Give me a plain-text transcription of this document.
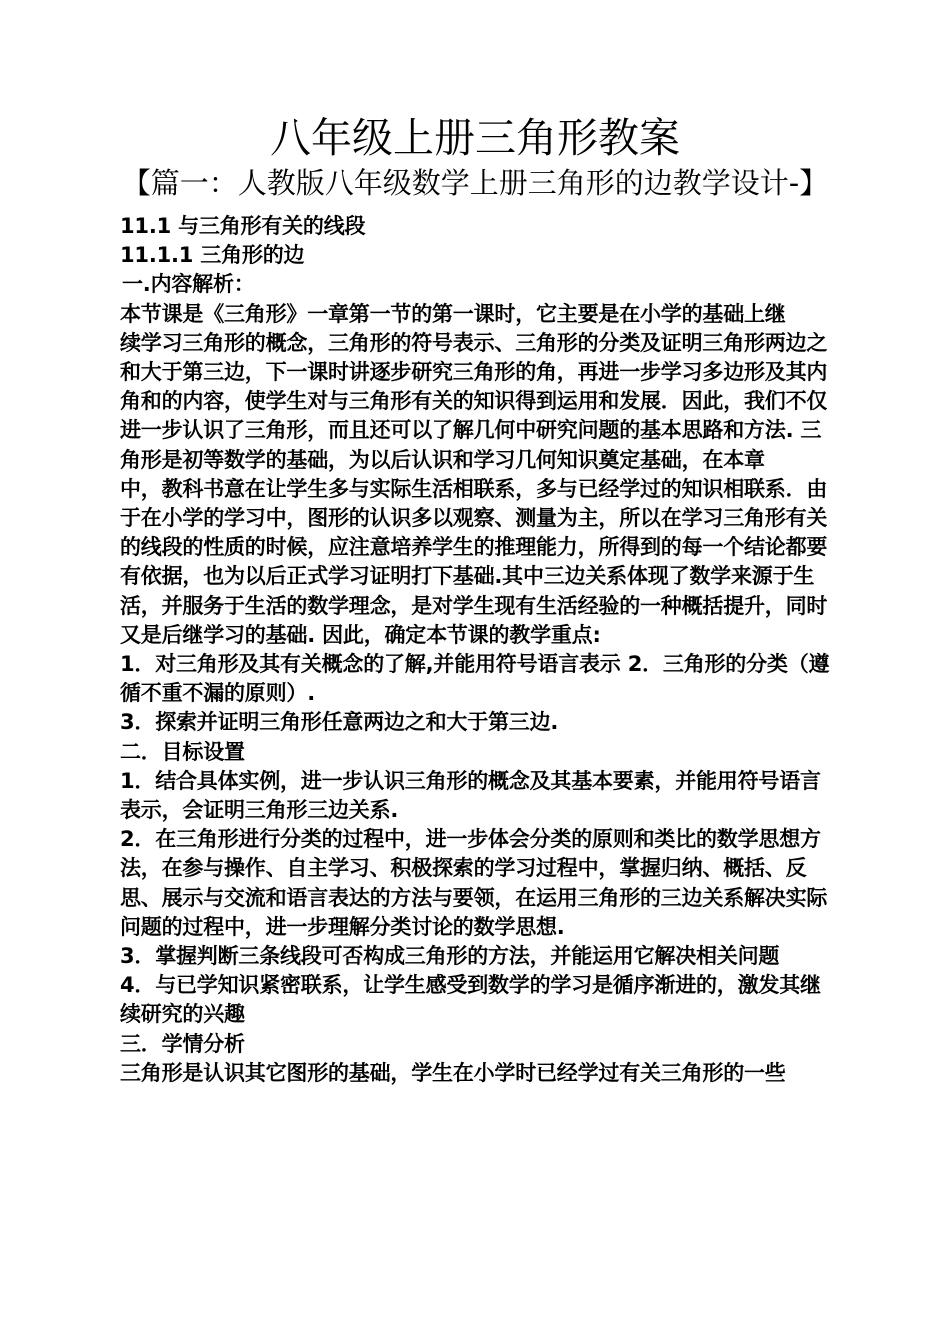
八年级上册三角形教案
【篇一：人教版八年级数学上册三角形的边教学设计-】

11.1 与三角形有关的线段

11.1.1 三角形的边

一.内容解析：

本节课是《三角形》一章第一节的第一课时，它主要是在小学的基础上继

续学习三角形的概念，三角形的符号表示、三角形的分类及证明三角形两边之和大于第三边，下一课时讲逐步研究三角形的角，再进一步学习多边形及其内角和的内容，使学生对与三角形有关的知识得到运用和发展．因此，我们不仅进一步认识了三角形，而且还可以了解几何中研究问题的基本思路和方法. 三角形是初等数学的基础，为以后认识和学习几何知识奠定基础，在本章

中，教科书意在让学生多与实际生活相联系，多与已经学过的知识相联系．由于在小学的学习中，图形的认识多以观察、测量为主，所以在学习三角形有关的线段的性质的时候，应注意培养学生的推理能力，所得到的每一个结论都要有依据，也为以后正式学习证明打下基础.其中三边关系体现了数学来源于生活，并服务于生活的数学理念，是对学生现有生活经验的一种概括提升，同时又是后继学习的基础. 因此，确定本节课的教学重点:

1．对三角形及其有关概念的了解,并能用符号语言表示 2．三角形的分类（遵循不重不漏的原则）.

3．探索并证明三角形任意两边之和大于第三边.

二．目标设置

1．结合具体实例，进一步认识三角形的概念及其基本要素，并能用符号语言表示，会证明三角形三边关系.

2．在三角形进行分类的过程中，进一步体会分类的原则和类比的数学思想方法，在参与操作、自主学习、积极探索的学习过程中，掌握归纳、概括、反思、展示与交流和语言表达的方法与要领，在运用三角形的三边关系解决实际问题的过程中，进一步理解分类讨论的数学思想.

3．掌握判断三条线段可否构成三角形的方法，并能运用它解决相关问题

4．与已学知识紧密联系，让学生感受到数学的学习是循序渐进的，激发其继续研究的兴趣

三．学情分析

三角形是认识其它图形的基础，学生在小学时已经学过有关三角形的一些
